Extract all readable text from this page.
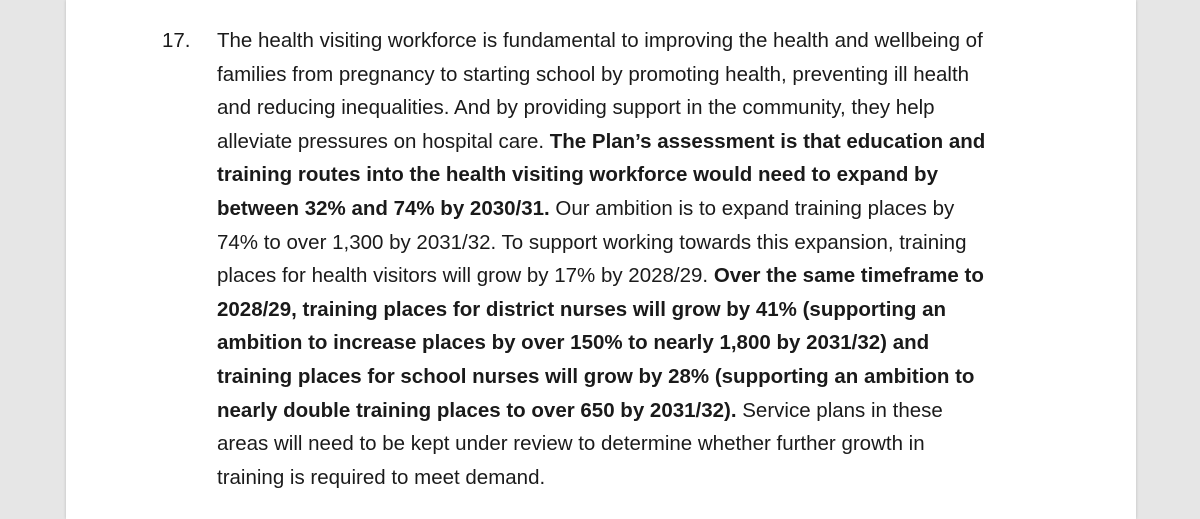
17. The health visiting workforce is fundamental to improving the health and wellbeing of
families from pregnancy to starting school by promoting health, preventing ill health
and reducing inequalities. And by providing support in the community, they help
alleviate pressures on hospital care. The Plan’s assessment is that education and
training routes into the health visiting workforce would need to expand by
between 32% and 74% by 2030/31. Our ambition is to expand training places by
74% to over 1,300 by 2031/32. To support working towards this expansion, training
places for health visitors will grow by 17% by 2028/29. Over the same timeframe to
2028/29, training places for district nurses will grow by 41% (supporting an
ambition to increase places by over 150% to nearly 1,800 by 2031/32) and
training places for school nurses will grow by 28% (supporting an ambition to
nearly double training places to over 650 by 2031/32). Service plans in these
areas will need to be kept under review to determine whether further growth in
training is required to meet demand.
